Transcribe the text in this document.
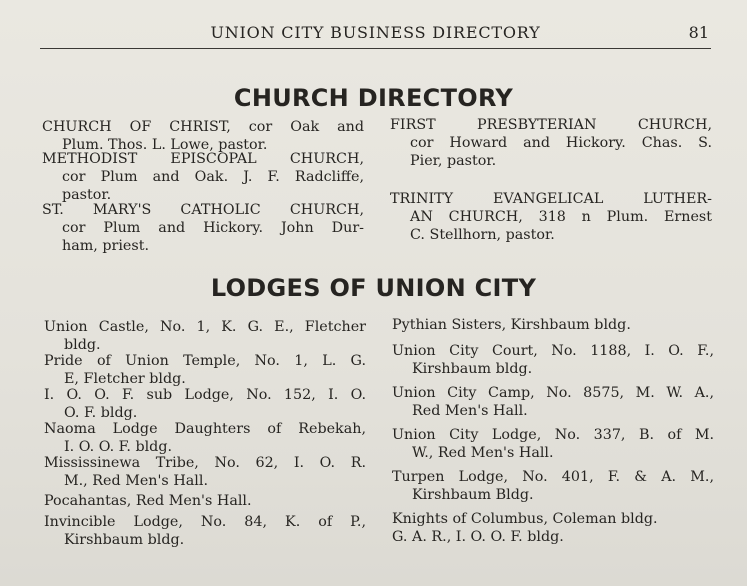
UNION CITY BUSINESS DIRECTORY	81
CHURCH DIRECTORY
CHURCH OF CHRIST, cor Oak and
Plum. Thos. L. Lowe, pastor.
METHODIST EPISCOPAL CHURCH,
cor Plum and Oak. J. F. Radcliffe,
pastor.
ST. MARY'S CATHOLIC CHURCH,
cor Plum and Hickory. John Dur-
ham, priest.
FIRST PRESBYTERIAN CHURCH,
cor Howard and Hickory. Chas. S.
Pier, pastor.
TRINITY EVANGELICAL LUTHER-
AN CHURCH, 318 n Plum. Ernest
C. Stellhorn, pastor.
LODGES OF UNION CITY
Union Castle, No. 1, K. G. E., Fletcher
bldg.
Pride of Union Temple, No. 1, L. G.
E, Fletcher bldg.
I. O. O. F. sub Lodge, No. 152, I. O.
O. F. bldg.
Naoma Lodge Daughters of Rebekah,
I. O. O. F. bldg.
Mississinewa Tribe, No. 62, I. O. R.
M., Red Men's Hall.
Pocahantas, Red Men's Hall.
Invincible Lodge, No. 84, K. of P.,
Kirshbaum bldg.
Pythian Sisters, Kirshbaum bldg.
Union City Court, No. 1188, I. O. F.,
Kirshbaum bldg.
Union City Camp, No. 8575, M. W. A.,
Red Men's Hall.
Union City Lodge, No. 337, B. of M.
W., Red Men's Hall.
Turpen Lodge, No. 401, F. & A. M.,
Kirshbaum Bldg.
Knights of Columbus, Coleman bldg.
G. A. R., I. O. O. F. bldg.
